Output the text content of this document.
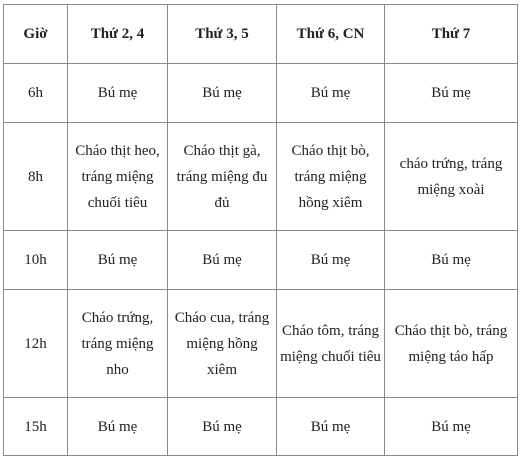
Giờ	Thứ 2, 4	Thứ 3, 5	Thứ 6, CN	Thứ 7
6h	Bú mẹ	Bú mẹ	Bú mẹ	Bú mẹ
8h	Cháo thịt heo, tráng miệng chuối tiêu	Cháo thịt gà, tráng miệng đu đủ	Cháo thịt bò, tráng miệng hồng xiêm	cháo trứng, tráng miệng xoài
10h	Bú mẹ	Bú mẹ	Bú mẹ	Bú mẹ
12h	Cháo trứng, tráng miệng nho	Cháo cua, tráng miệng hồng xiêm	Cháo tôm, tráng miệng chuối tiêu	Cháo thịt bò, tráng miệng táo hấp
15h	Bú mẹ	Bú mẹ	Bú mẹ	Bú mẹ
